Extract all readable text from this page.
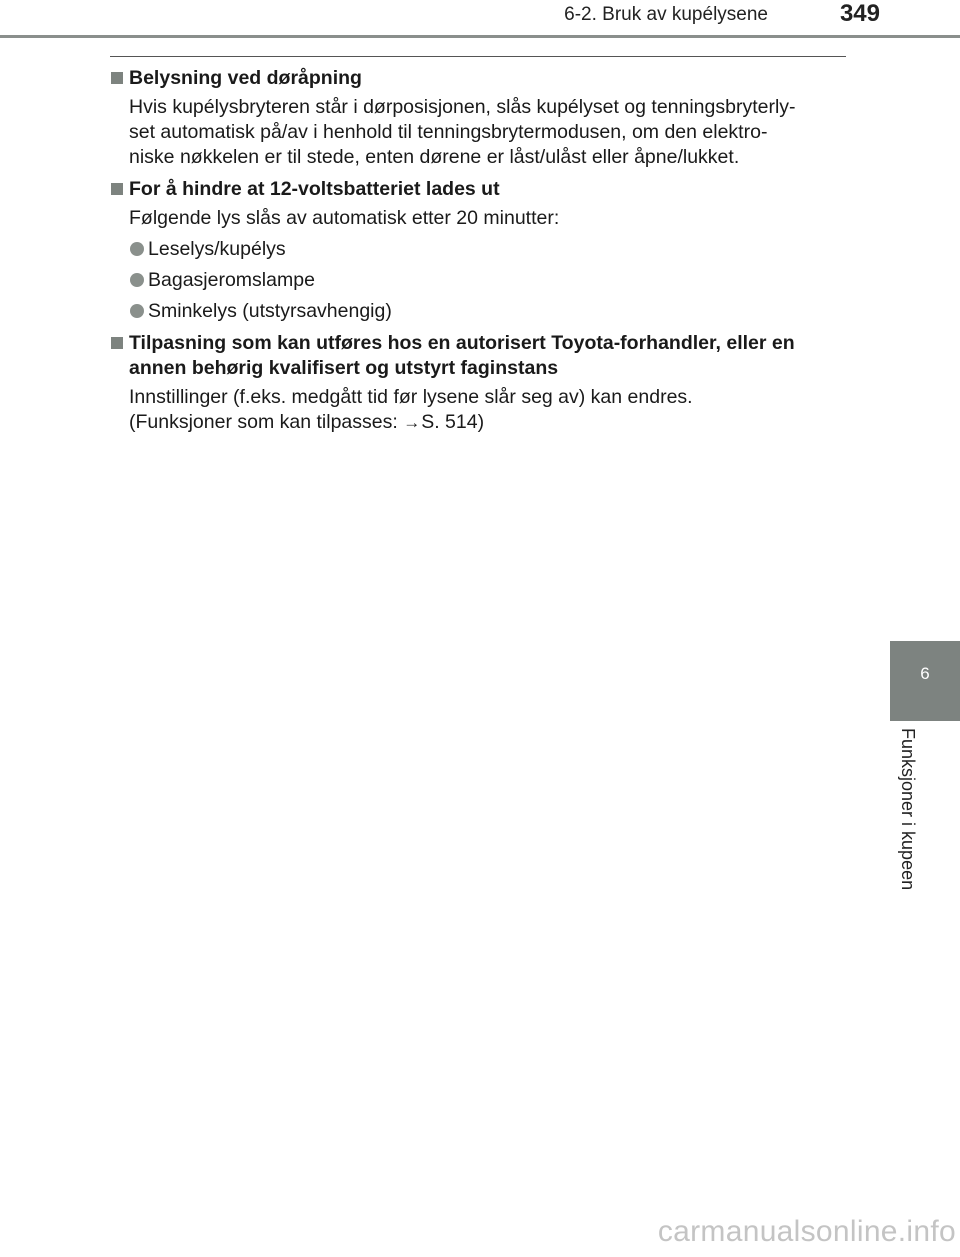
6-2. Bruk av kupélysene	349
Belysning ved døråpning
Hvis kupélysbryteren står i dørposisjonen, slås kupélyset og tenningsbryterly-
set automatisk på/av i henhold til tenningsbrytermodusen, om den elektro-
niske nøkkelen er til stede, enten dørene er låst/ulåst eller åpne/lukket.
For å hindre at 12-voltsbatteriet lades ut
Følgende lys slås av automatisk etter 20 minutter:
Leselys/kupélys
Bagasjeromslampe
Sminkelys (utstyrsavhengig)
Tilpasning som kan utføres hos en autorisert Toyota-forhandler, eller en
annen behørig kvalifisert og utstyrt faginstans
Innstillinger (f.eks. medgått tid før lysene slår seg av) kan endres.
(Funksjoner som kan tilpasses: →S. 514)
6
Funksjoner i kupeen
carmanualsonline.info
